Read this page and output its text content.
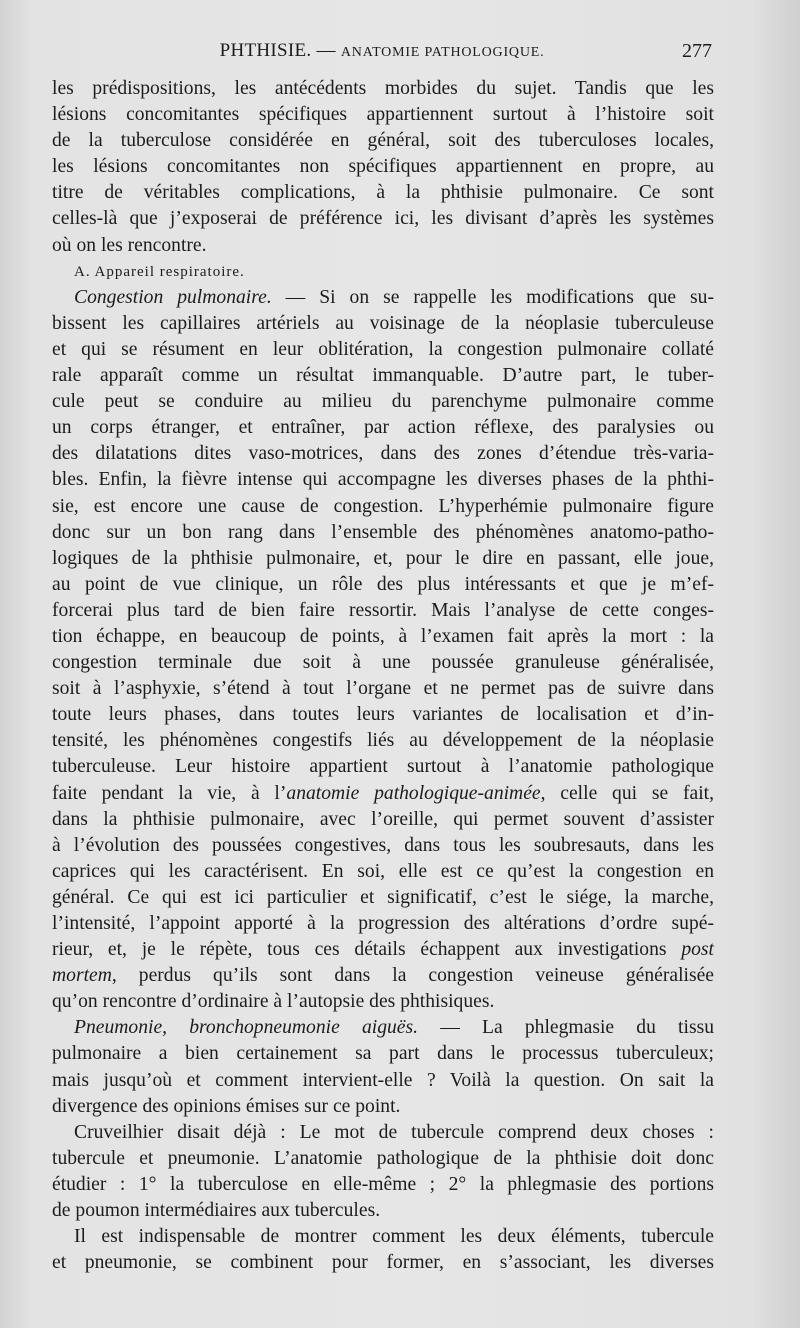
PHTHISIE. — ANATOMIE PATHOLOGIQUE.	277
les prédispositions, les antécédents morbides du sujet. Tandis que les
lésions concomitantes spécifiques appartiennent surtout à l’histoire soit
de la tuberculose considérée en général, soit des tuberculoses locales,
les lésions concomitantes non spécifiques appartiennent en propre, au
titre de véritables complications, à la phthisie pulmonaire. Ce sont
celles-là que j’exposerai de préférence ici, les divisant d’après les systèmes
où on les rencontre.
A. Appareil respiratoire.
Congestion pulmonaire. — Si on se rappelle les modifications que su-
bissent les capillaires artériels au voisinage de la néoplasie tuberculeuse
et qui se résument en leur oblitération, la congestion pulmonaire collaté
rale apparaît comme un résultat immanquable. D’autre part, le tuber-
cule peut se conduire au milieu du parenchyme pulmonaire comme
un corps étranger, et entraîner, par action réflexe, des paralysies ou
des dilatations dites vaso-motrices, dans des zones d’étendue très-varia-
bles. Enfin, la fièvre intense qui accompagne les diverses phases de la phthi-
sie, est encore une cause de congestion. L’hyperhémie pulmonaire figure
donc sur un bon rang dans l’ensemble des phénomènes anatomo-patho-
logiques de la phthisie pulmonaire, et, pour le dire en passant, elle joue,
au point de vue clinique, un rôle des plus intéressants et que je m’ef-
forcerai plus tard de bien faire ressortir. Mais l’analyse de cette conges-
tion échappe, en beaucoup de points, à l’examen fait après la mort : la
congestion terminale due soit à une poussée granuleuse généralisée,
soit à l’asphyxie, s’étend à tout l’organe et ne permet pas de suivre dans
toute leurs phases, dans toutes leurs variantes de localisation et d’in-
tensité, les phénomènes congestifs liés au développement de la néoplasie
tuberculeuse. Leur histoire appartient surtout à l’anatomie pathologique
faite pendant la vie, à l’anatomie pathologique-animée, celle qui se fait,
dans la phthisie pulmonaire, avec l’oreille, qui permet souvent d’assister
à l’évolution des poussées congestives, dans tous les soubresauts, dans les
caprices qui les caractérisent. En soi, elle est ce qu’est la congestion en
général. Ce qui est ici particulier et significatif, c’est le siége, la marche,
l’intensité, l’appoint apporté à la progression des altérations d’ordre supé-
rieur, et, je le répète, tous ces détails échappent aux investigations post
mortem, perdus qu’ils sont dans la congestion veineuse généralisée
qu’on rencontre d’ordinaire à l’autopsie des phthisiques.
Pneumonie, bronchopneumonie aiguës. — La phlegmasie du tissu
pulmonaire a bien certainement sa part dans le processus tuberculeux;
mais jusqu’où et comment intervient-elle ? Voilà la question. On sait la
divergence des opinions émises sur ce point.
Cruveilhier disait déjà : Le mot de tubercule comprend deux choses :
tubercule et pneumonie. L’anatomie pathologique de la phthisie doit donc
étudier : 1° la tuberculose en elle-même ; 2° la phlegmasie des portions
de poumon intermédiaires aux tubercules.
Il est indispensable de montrer comment les deux éléments, tubercule
et pneumonie, se combinent pour former, en s’associant, les diverses
